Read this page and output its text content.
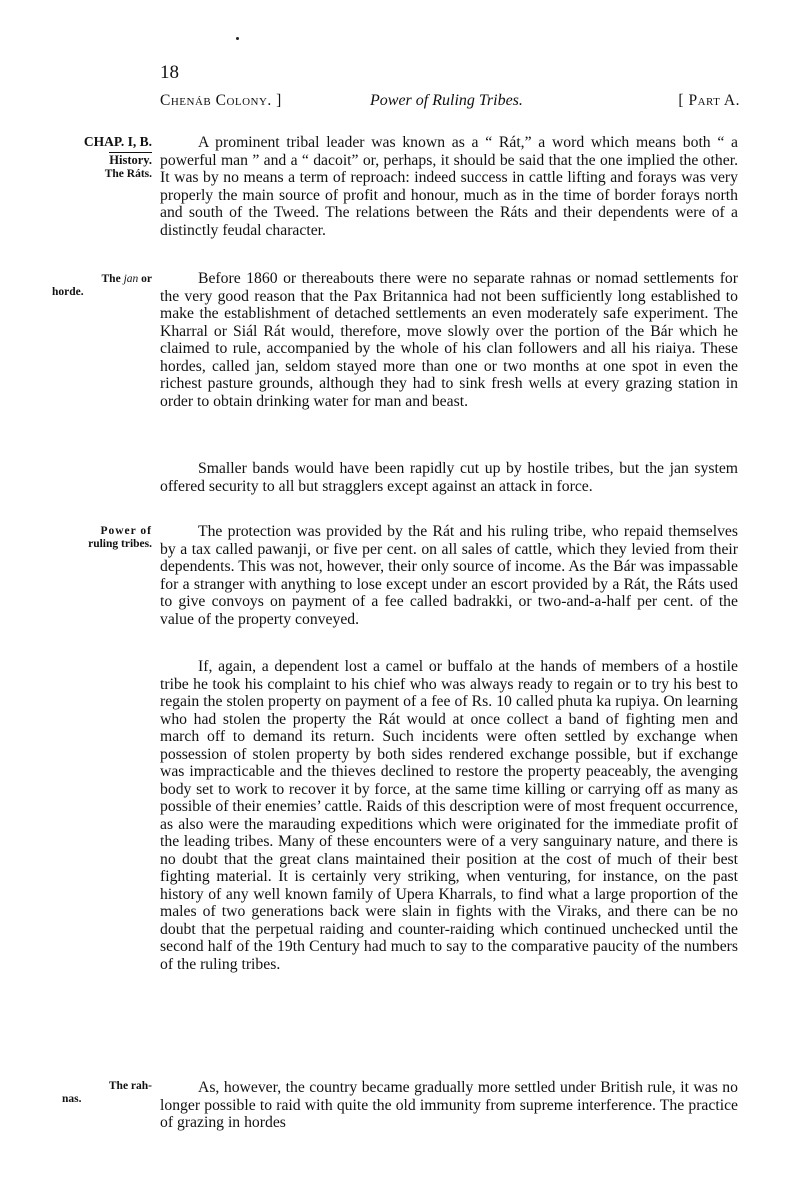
18
Chenáb Colony. ]	Power of Ruling Tribes.	[ Part A.
CHAP. I, B.
History.
The Ráts.
The jan or
horde.
Power of
ruling tribes.
The rah-
nas.

A prominent tribal leader was known as a “ Rát,” a word which means both “ a powerful man ” and a “ dacoit” or, perhaps, it should be said that the one implied the other. It was by no means a term of reproach: indeed success in cattle lifting and forays was very properly the main source of profit and honour, much as in the time of border forays north and south of the Tweed. The relations between the Ráts and their dependents were of a distinctly feudal character.

Before 1860 or thereabouts there were no separate rahnas or nomad settlements for the very good reason that the Pax Britannica had not been sufficiently long established to make the establishment of detached settlements an even moderately safe experiment. The Kharral or Siál Rát would, therefore, move slowly over the portion of the Bár which he claimed to rule, accompanied by the whole of his clan followers and all his riaiya. These hordes, called jan, seldom stayed more than one or two months at one spot in even the richest pasture grounds, although they had to sink fresh wells at every grazing station in order to obtain drinking water for man and beast.

Smaller bands would have been rapidly cut up by hostile tribes, but the jan system offered security to all but stragglers except against an attack in force.

The protection was provided by the Rát and his ruling tribe, who repaid themselves by a tax called pawanji, or five per cent. on all sales of cattle, which they levied from their dependents. This was not, however, their only source of income. As the Bár was impassable for a stranger with anything to lose except under an escort provided by a Rát, the Ráts used to give convoys on payment of a fee called badrakki, or two-and-a-half per cent. of the value of the property conveyed.

If, again, a dependent lost a camel or buffalo at the hands of members of a hostile tribe he took his complaint to his chief who was always ready to regain or to try his best to regain the stolen property on payment of a fee of Rs. 10 called phuta ka rupiya. On learning who had stolen the property the Rát would at once collect a band of fighting men and march off to demand its return. Such incidents were often settled by exchange when possession of stolen property by both sides rendered exchange possible, but if exchange was impracticable and the thieves declined to restore the property peaceably, the avenging body set to work to recover it by force, at the same time killing or carrying off as many as possible of their enemies’ cattle. Raids of this description were of most frequent occurrence, as also were the marauding expeditions which were originated for the immediate profit of the leading tribes. Many of these encounters were of a very sanguinary nature, and there is no doubt that the great clans maintained their position at the cost of much of their best fighting material. It is certainly very striking, when venturing, for instance, on the past history of any well known family of Upera Kharrals, to find what a large proportion of the males of two generations back were slain in fights with the Viraks, and there can be no doubt that the perpetual raiding and counter-raiding which continued unchecked until the second half of the 19th Century had much to say to the comparative paucity of the numbers of the ruling tribes.

As, however, the country became gradually more settled under British rule, it was no longer possible to raid with quite the old immunity from supreme interference. The practice of grazing in hordes
